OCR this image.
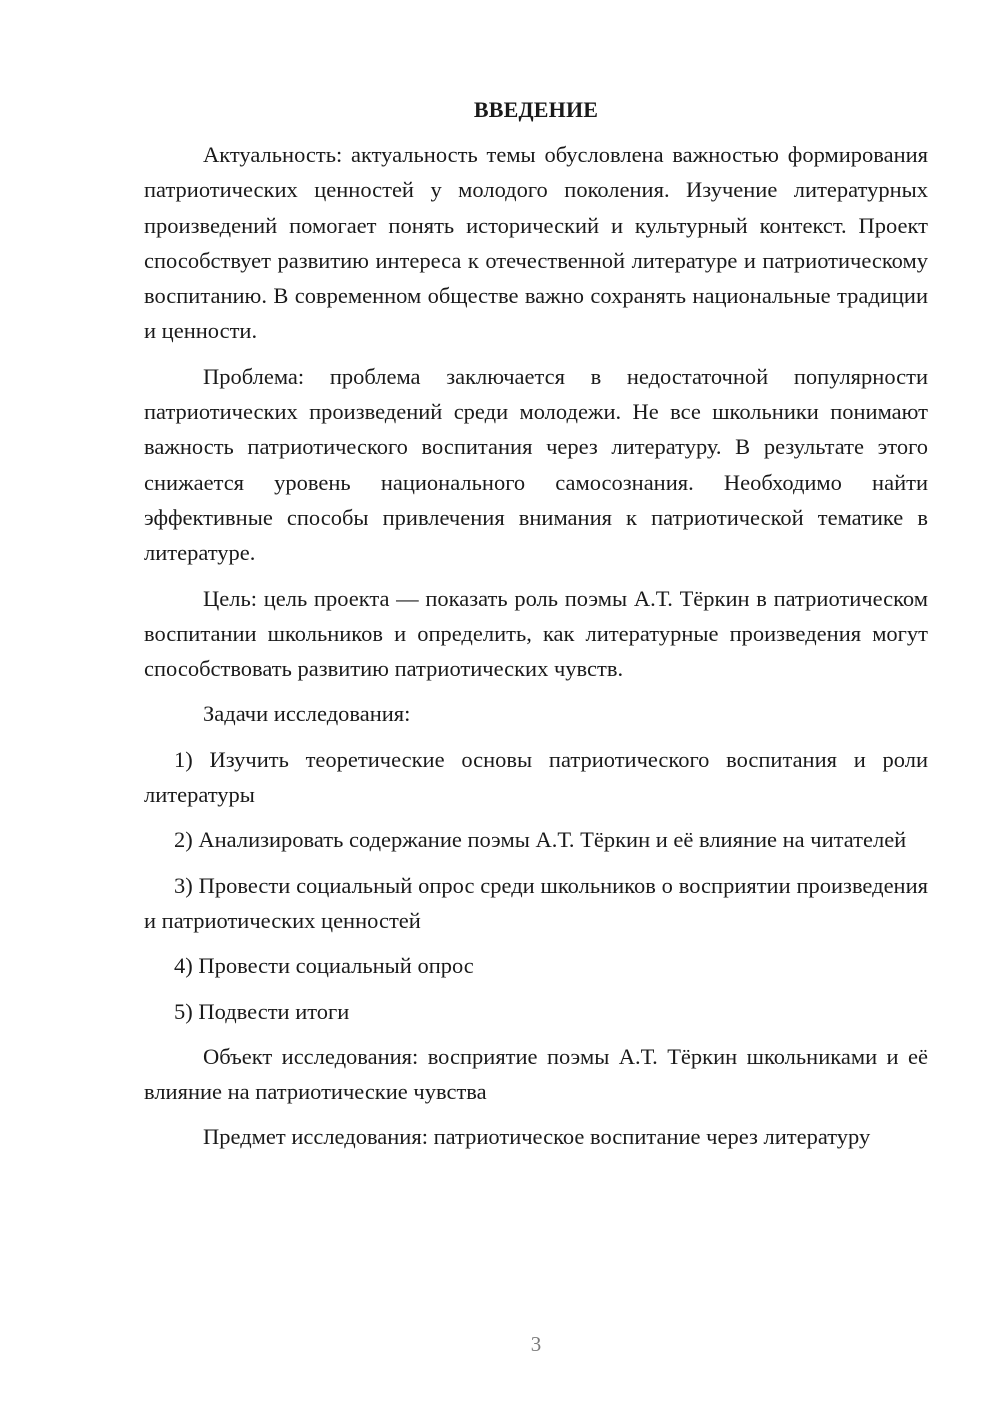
ВВЕДЕНИЕ

Актуальность: актуальность темы обусловлена важностью формирования патриотических ценностей у молодого поколения. Изучение литературных произведений помогает понять исторический и культурный контекст. Проект способствует развитию интереса к отечественной литературе и патриотическому воспитанию. В современном обществе важно сохранять национальные традиции и ценности.

Проблема: проблема заключается в недостаточной популярности патриотических произведений среди молодежи. Не все школьники понимают важность патриотического воспитания через литературу. В результате этого снижается уровень национального самосознания. Необходимо найти эффективные способы привлечения внимания к патриотической тематике в литературе.

Цель: цель проекта — показать роль поэмы А.Т. Тёркин в патриотическом воспитании школьников и определить, как литературные произведения могут способствовать развитию патриотических чувств.

Задачи исследования:

1) Изучить теоретические основы патриотического воспитания и роли литературы

2) Анализировать содержание поэмы А.Т. Тёркин и её влияние на читателей

3) Провести социальный опрос среди школьников о восприятии произведения и патриотических ценностей

4) Провести социальный опрос

5) Подвести итоги

Объект исследования: восприятие поэмы А.Т. Тёркин школьниками и её влияние на патриотические чувства

Предмет исследования: патриотическое воспитание через литературу

3
